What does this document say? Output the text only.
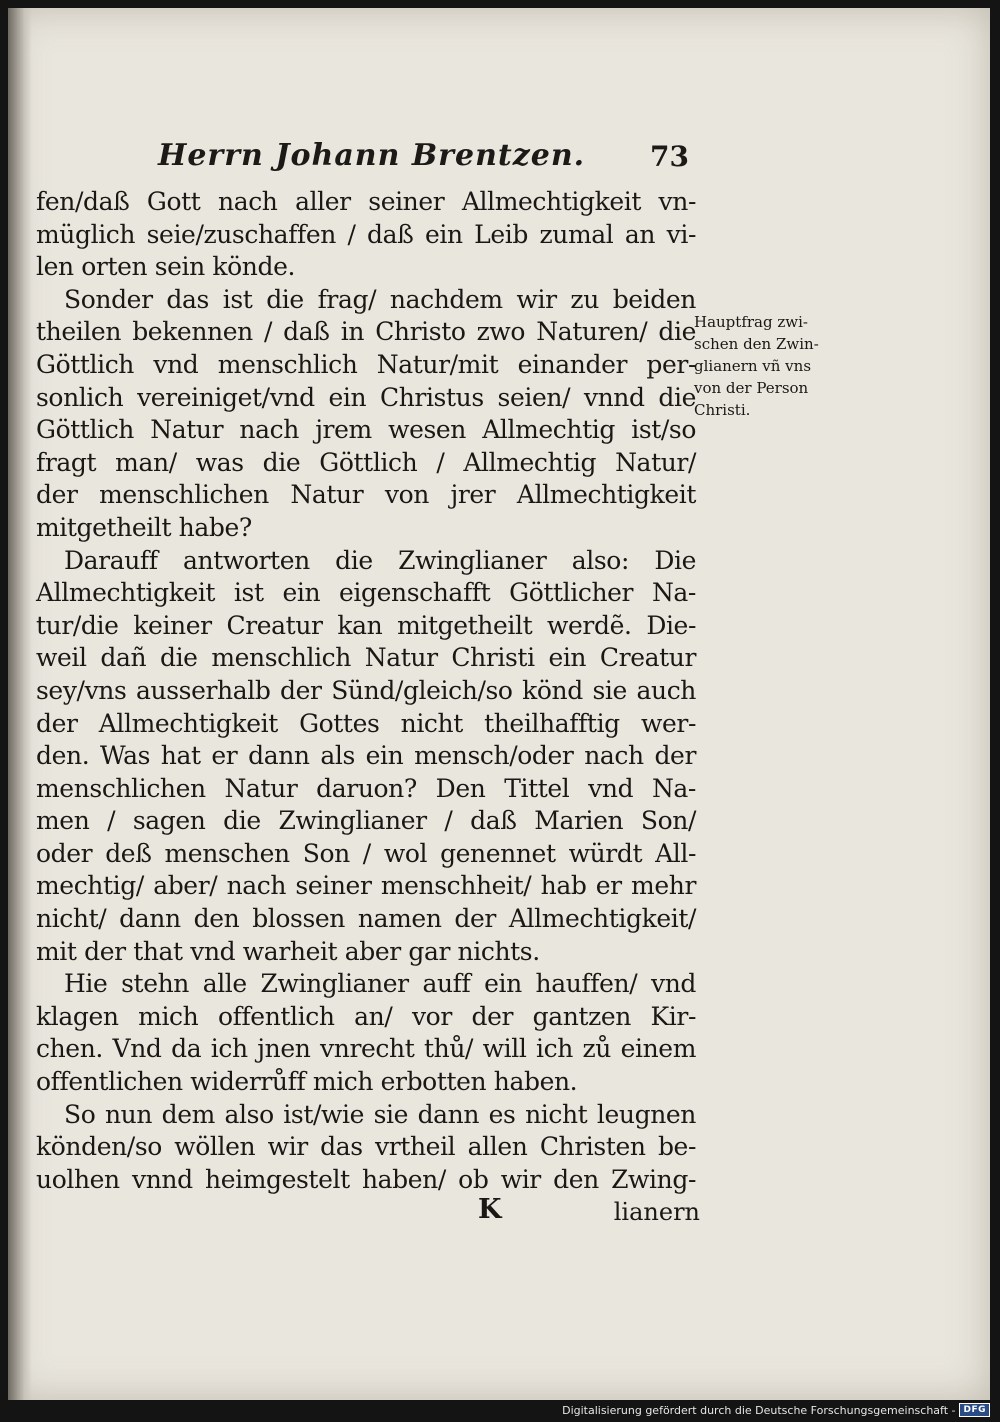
Herrn Johann Brentzen. 73
fen/daß Gott nach aller seiner Allmechtigkeit vn-
müglich seie/zuschaffen / daß ein Leib zumal an vi-
len orten sein könde.
Sonder das ist die frag/ nachdem wir zu beiden
theilen bekennen / daß in Christo zwo Naturen/ die
Göttlich vnd menschlich Natur/mit einander per-
sonlich vereiniget/vnd ein Christus seien/ vnnd die
Göttlich Natur nach jrem wesen Allmechtig ist/so
fragt man/ was die Göttlich / Allmechtig Natur/
der menschlichen Natur von jrer Allmechtigkeit
mitgetheilt habe?
Darauff antworten die Zwinglianer also: Die
Allmechtigkeit ist ein eigenschafft Göttlicher Na-
tur/die keiner Creatur kan mitgetheilt werdẽ. Die-
weil dañ die menschlich Natur Christi ein Creatur
sey/vns ausserhalb der Sünd/gleich/so könd sie auch
der Allmechtigkeit Gottes nicht theilhafftig wer-
den. Was hat er dann als ein mensch/oder nach der
menschlichen Natur daruon? Den Tittel vnd Na-
men / sagen die Zwinglianer / daß Marien Son/
oder deß menschen Son / wol genennet würdt All-
mechtig/ aber/ nach seiner menschheit/ hab er mehr
nicht/ dann den blossen namen der Allmechtigkeit/
mit der that vnd warheit aber gar nichts.
Hie stehn alle Zwinglianer auff ein hauffen/ vnd
klagen mich offentlich an/ vor der gantzen Kir-
chen. Vnd da ich jnen vnrecht thů/ will ich zů einem
offentlichen widerrůff mich erbotten haben.
So nun dem also ist/wie sie dann es nicht leugnen
könden/so wöllen wir das vrtheil allen Christen be-
uolhen vnnd heimgestelt haben/ ob wir den Zwing-
Hauptfrag zwi-
schen den Zwin-
glianern vñ vns
von der Person
Christi.
K	lianern
Digitalisierung gefördert durch die Deutsche Forschungsgemeinschaft - DFG
